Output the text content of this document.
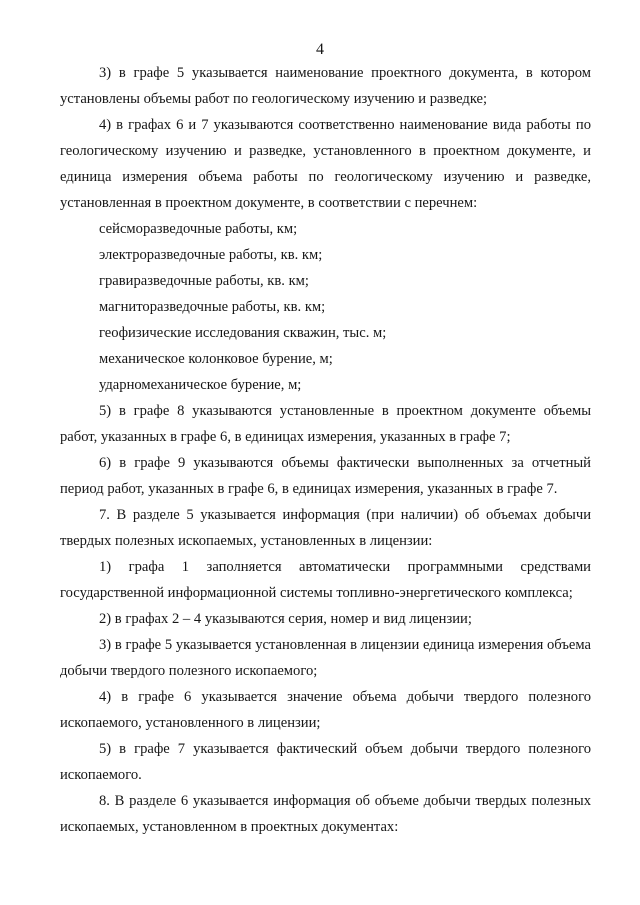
4

3) в графе 5 указывается наименование проектного документа, в котором установлены объемы работ по геологическому изучению и разведке;

4) в графах 6 и 7 указываются соответственно наименование вида работы по геологическому изучению и разведке, установленного в проектном документе, и единица измерения объема работы по геологическому изучению и разведке, установленная в проектном документе, в соответствии с перечнем:

сейсморазведочные работы, км;

электроразведочные работы, кв. км;

гравиразведочные работы, кв. км;

магниторазведочные работы, кв. км;

геофизические исследования скважин, тыс. м;

механическое колонковое бурение, м;

ударномеханическое бурение, м;

5) в графе 8 указываются установленные в проектном документе объемы работ, указанных в графе 6, в единицах измерения, указанных в графе 7;

6) в графе 9 указываются объемы фактически выполненных за отчетный период работ, указанных в графе 6, в единицах измерения, указанных в графе 7.

7. В разделе 5 указывается информация (при наличии) об объемах добычи твердых полезных ископаемых, установленных в лицензии:

1) графа 1 заполняется автоматически программными средствами государственной информационной системы топливно-энергетического комплекса;

2) в графах 2 – 4 указываются серия, номер и вид лицензии;

3) в графе 5 указывается установленная в лицензии единица измерения объема добычи твердого полезного ископаемого;

4) в графе 6 указывается значение объема добычи твердого полезного ископаемого, установленного в лицензии;

5) в графе 7 указывается фактический объем добычи твердого полезного ископаемого.

8. В разделе 6 указывается информация об объеме добычи твердых полезных ископаемых, установленном в проектных документах:
